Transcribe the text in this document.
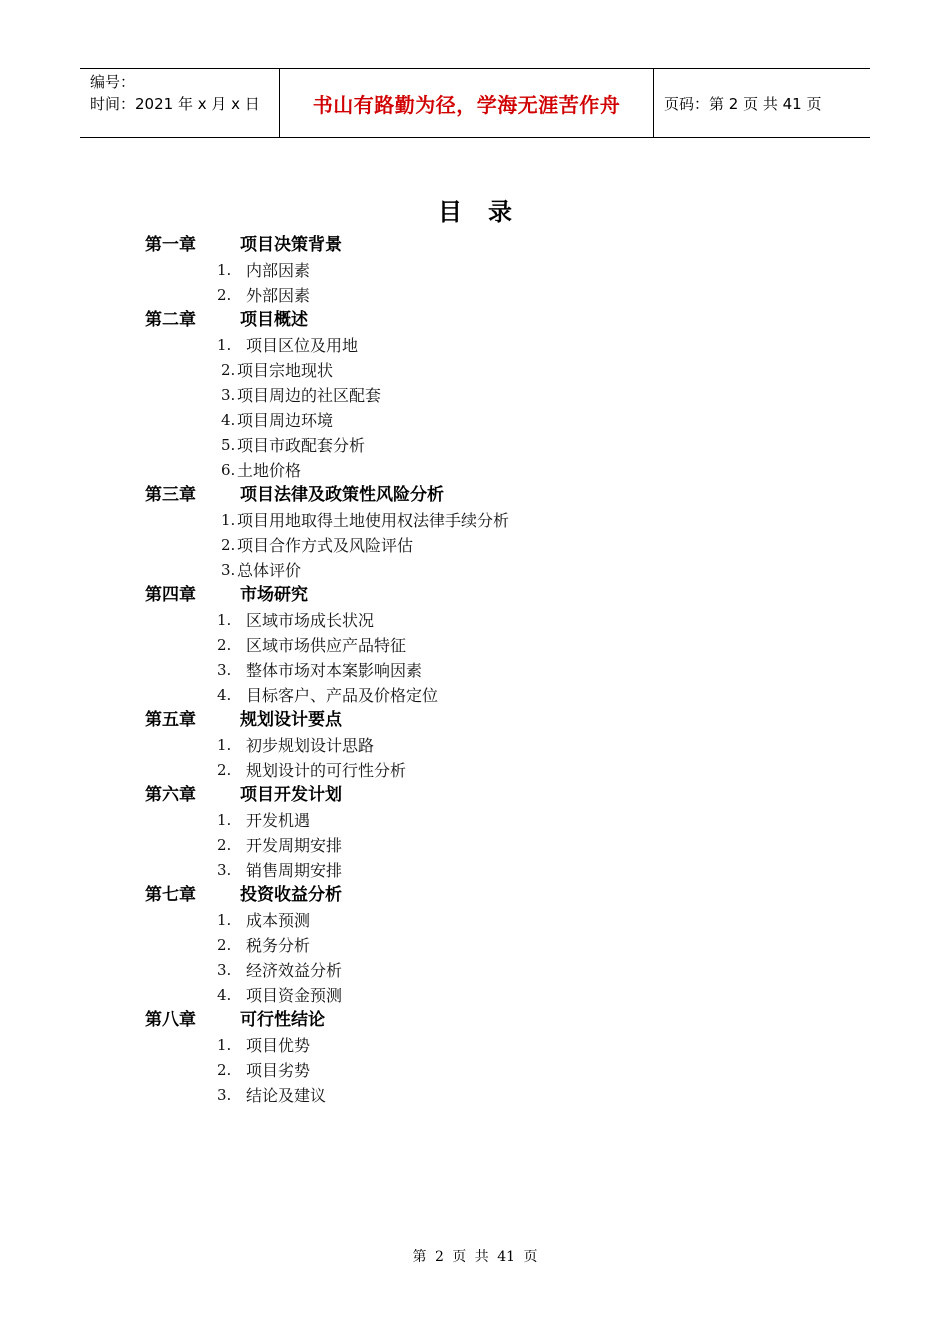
编号：
时间：2021 年 x 月 x 日	书山有路勤为径，学海无涯苦作舟	页码：第 2 页 共 41 页
目录
第一章	项目决策背景
1. 内部因素
2. 外部因素
第二章	项目概述
1. 项目区位及用地
2. 项目宗地现状
3. 项目周边的社区配套
4. 项目周边环境
5. 项目市政配套分析
6. 土地价格
第三章	项目法律及政策性风险分析
1. 项目用地取得土地使用权法律手续分析
2. 项目合作方式及风险评估
3. 总体评价
第四章	市场研究
1. 区域市场成长状况
2. 区域市场供应产品特征
3. 整体市场对本案影响因素
4. 目标客户、产品及价格定位
第五章	规划设计要点
1. 初步规划设计思路
2. 规划设计的可行性分析
第六章	项目开发计划
1. 开发机遇
2. 开发周期安排
3. 销售周期安排
第七章	投资收益分析
1. 成本预测
2. 税务分析
3. 经济效益分析
4. 项目资金预测
第八章	可行性结论
1. 项目优势
2. 项目劣势
3. 结论及建议
第 2 页 共 41 页
